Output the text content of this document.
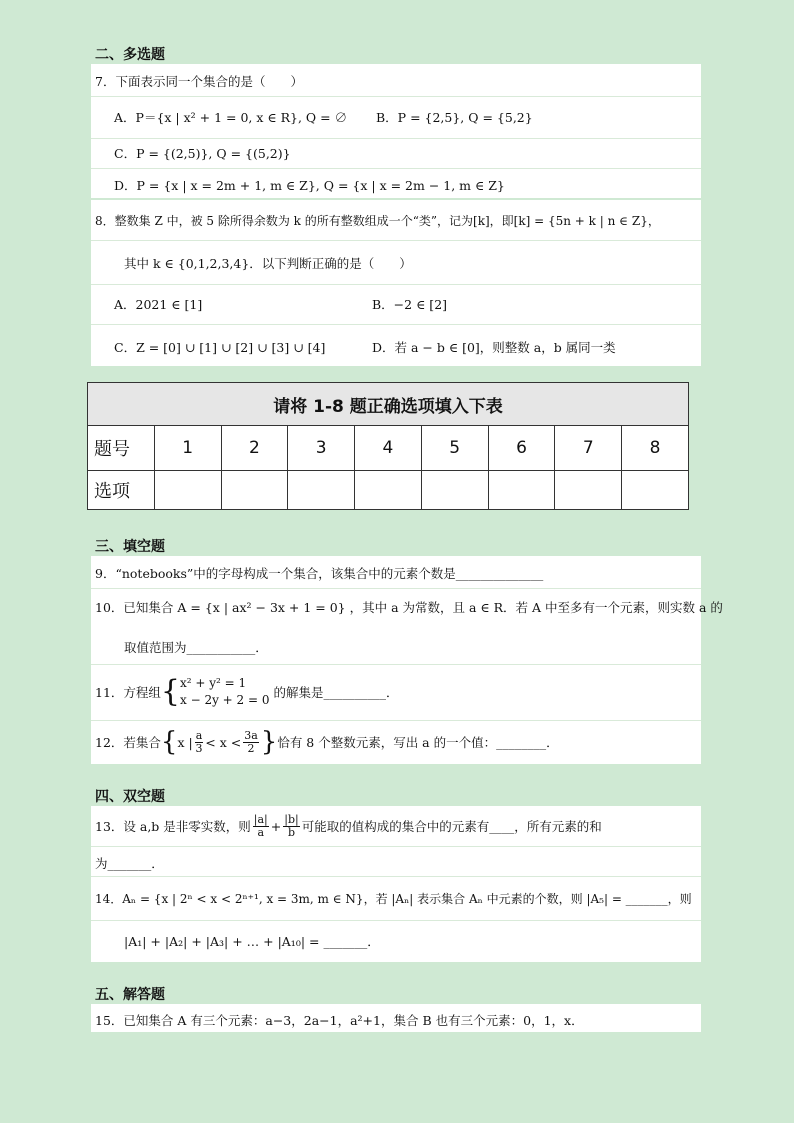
二、多选题
三、填空题
四、双空题
五、解答题
7．下面表示同一个集合的是（　　）
A．P＝{x | x² + 1 = 0, x ∈ R}, Q = ∅ B．P = {2,5}, Q = {5,2}
C．P = {(2,5)}, Q = {(5,2)}
D．P = {x | x = 2m + 1, m ∈ Z}, Q = {x | x = 2m − 1, m ∈ Z}
8．整数集 Z 中，被 5 除所得余数为 k 的所有整数组成一个“类”，记为[k]，即[k] = {5n + k | n ∈ Z}，
其中 k ∈ {0,1,2,3,4}．以下判断正确的是（　　）
A．2021 ∈ [1]	B．−2 ∈ [2]
C．Z = [0] ∪ [1] ∪ [2] ∪ [3] ∪ [4]	D．若 a − b ∈ [0]，则整数 a，b 属同一类
请将 1-8 题正确选项填入下表								
题号	1	2	3	4	5	6	7	8
选项								
9．“notebooks”中的字母构成一个集合，该集合中的元素个数是______________
10．已知集合 A = {x | ax² − 3x + 1 = 0} ，其中 a 为常数，且 a ∈ R．若 A 中至多有一个元素，则实数 a 的
取值范围为___________．
11．方程组 { x² + y² = 1
x − 2y + 2 = 0 的解集是__________．
12．若集合 { x | $\frac{a}{3} < x < \frac{3a}{2}$ } 恰有 8 个整数元素，写出 a 的一个值：________．
13．设 a,b 是非零实数，则 $\frac{|a|}{a} + \frac{|b|}{b}$ 可能取的值构成的集合中的元素有____，所有元素的和
为_______．
14．Aₙ = {x | 2ⁿ < x < 2ⁿ⁺¹, x = 3m, m ∈ N}，若 |Aₙ| 表示集合 Aₙ 中元素的个数，则 |A₅| = _______，则
|A₁| + |A₂| + |A₃| + … + |A₁₀| = _______．
15．已知集合 A 有三个元素：a−3，2a−1，a²+1，集合 B 也有三个元素：0，1，x．
